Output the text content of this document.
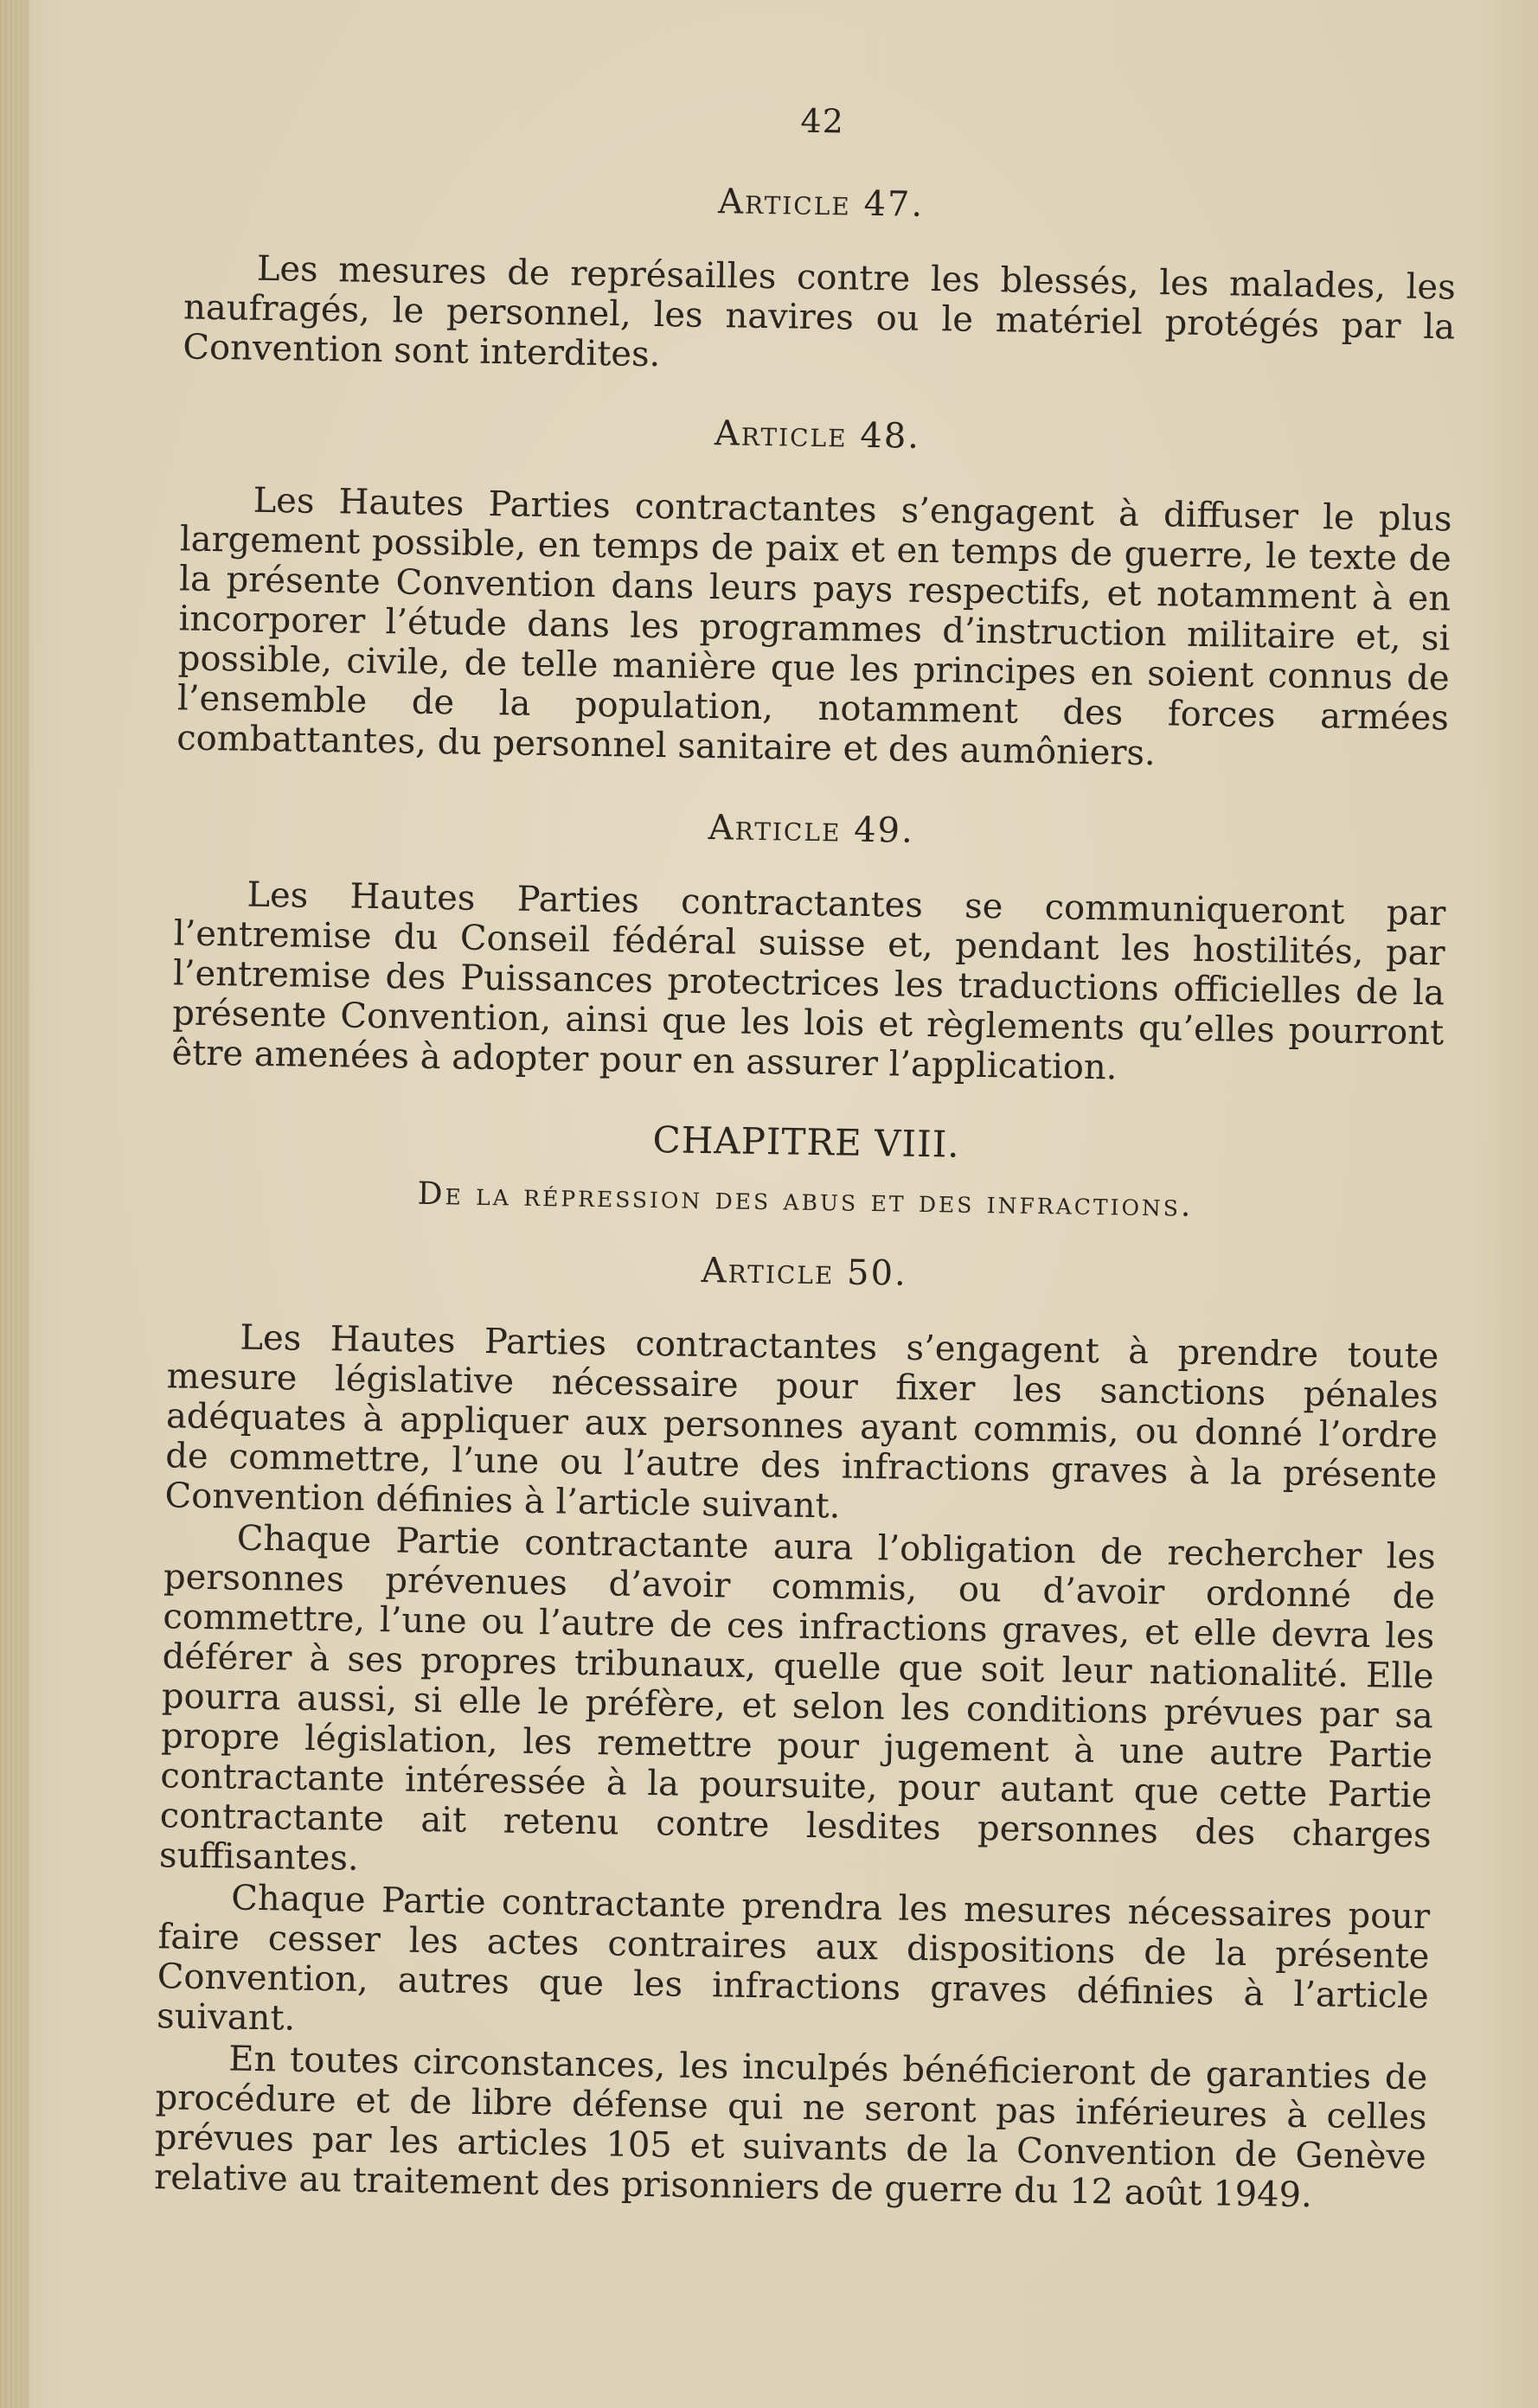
42
Article 47.

Les mesures de représailles contre les blessés, les malades, les naufragés, le personnel, les navires ou le matériel protégés par la Convention sont interdites.

Article 48.

Les Hautes Parties contractantes s’engagent à diffuser le plus largement possible, en temps de paix et en temps de guerre, le texte de la présente Convention dans leurs pays respectifs, et notamment à en incorporer l’étude dans les programmes d’instruction militaire et, si possible, civile, de telle manière que les principes en soient connus de l’ensemble de la population, notamment des forces armées combattantes, du personnel sanitaire et des aumôniers.

Article 49.

Les Hautes Parties contractantes se communiqueront par l’entremise du Conseil fédéral suisse et, pendant les hostilités, par l’entremise des Puissances protectrices les traductions officielles de la présente Convention, ainsi que les lois et règlements qu’elles pourront être amenées à adopter pour en assurer l’application.

CHAPITRE VIII.
De la répression des abus et des infractions.
Article 50.

Les Hautes Parties contractantes s’engagent à prendre toute mesure législative nécessaire pour fixer les sanctions pénales adéquates à appliquer aux personnes ayant commis, ou donné l’ordre de commettre, l’une ou l’autre des infractions graves à la présente Convention définies à l’article suivant.

Chaque Partie contractante aura l’obligation de rechercher les personnes prévenues d’avoir commis, ou d’avoir ordonné de commettre, l’une ou l’autre de ces infractions graves, et elle devra les déférer à ses propres tribunaux, quelle que soit leur nationalité. Elle pourra aussi, si elle le préfère, et selon les conditions prévues par sa propre législation, les remettre pour jugement à une autre Partie contractante intéressée à la poursuite, pour autant que cette Partie contractante ait retenu contre lesdites personnes des charges suffisantes.

Chaque Partie contractante prendra les mesures nécessaires pour faire cesser les actes contraires aux dispositions de la présente Convention, autres que les infractions graves définies à l’article suivant.

En toutes circonstances, les inculpés bénéficieront de garanties de procédure et de libre défense qui ne seront pas inférieures à celles prévues par les articles 105 et suivants de la Convention de Genève relative au traitement des prisonniers de guerre du 12 août 1949.
